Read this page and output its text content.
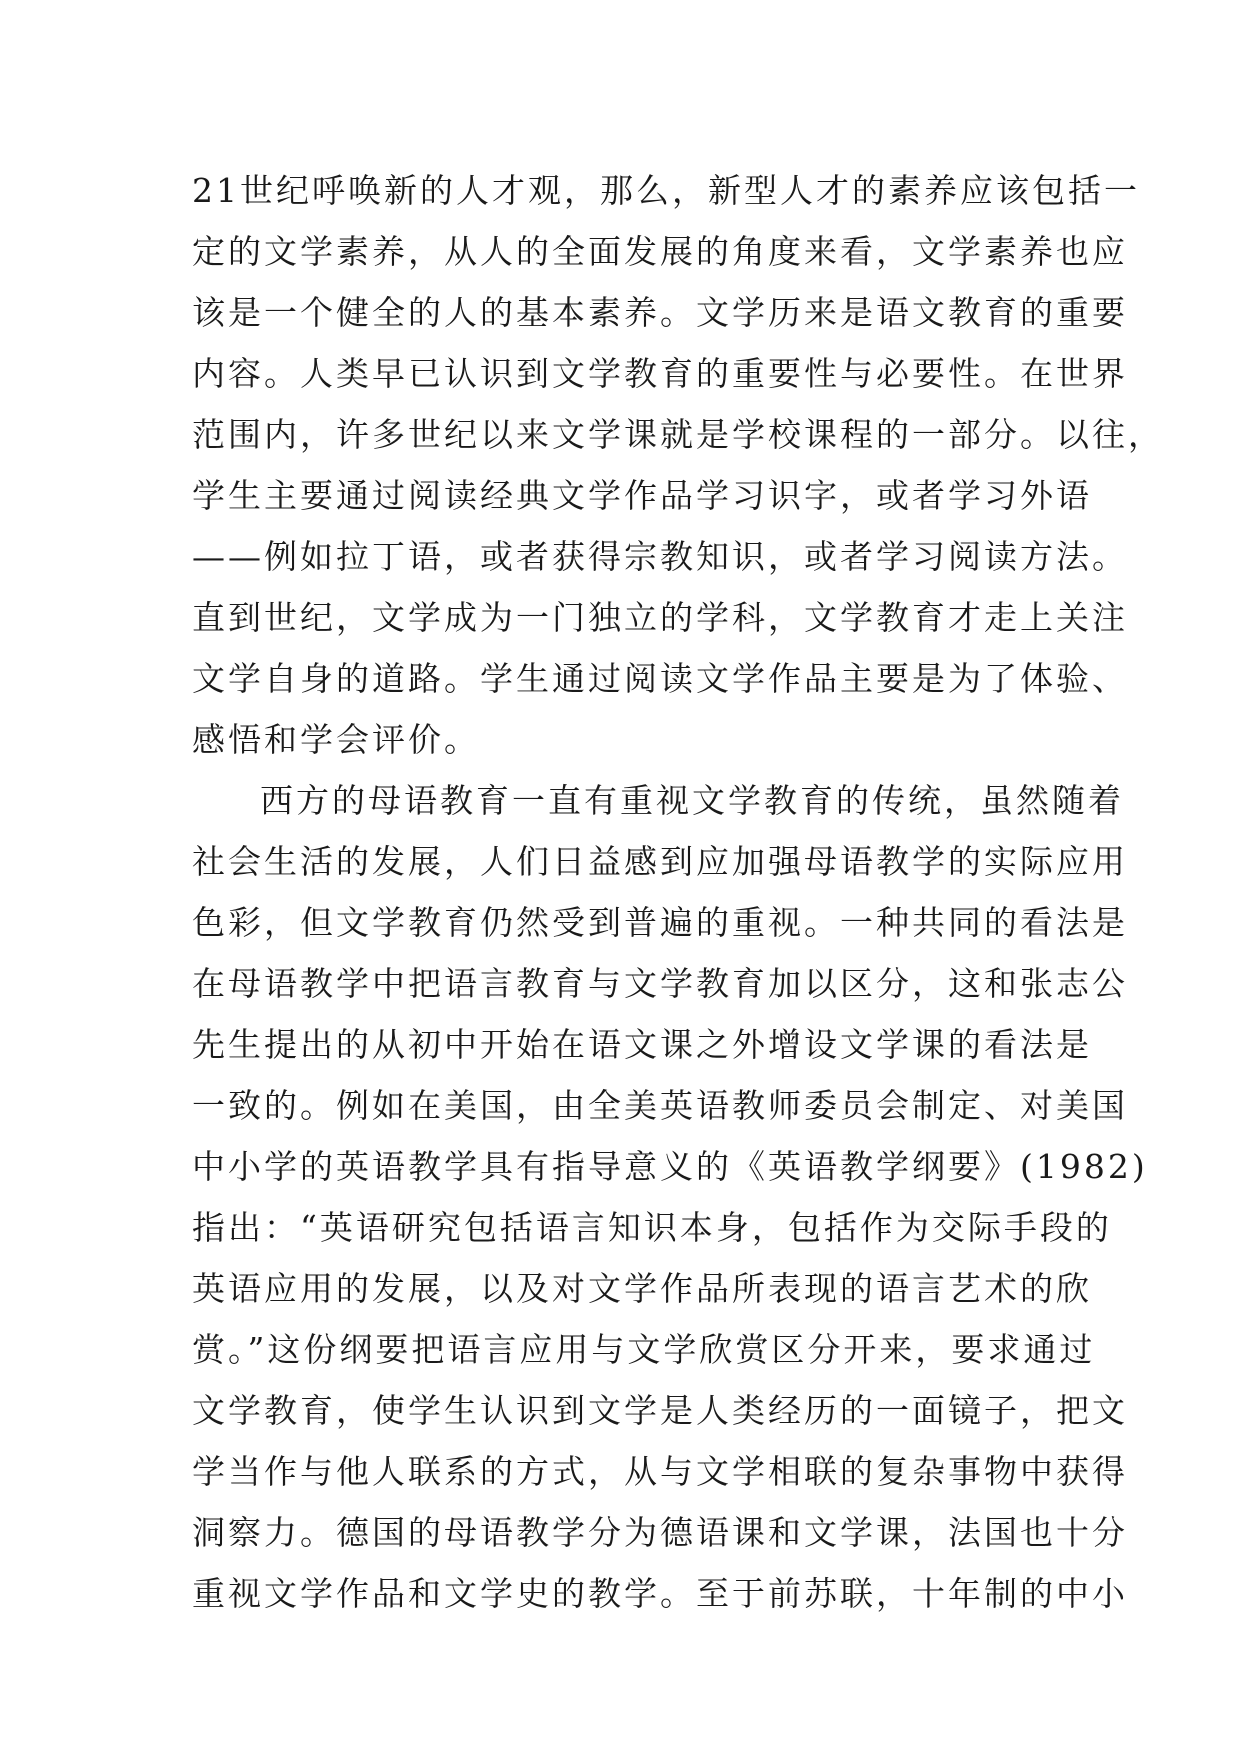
21世纪呼唤新的人才观，那么，新型人才的素养应该包括一
定的文学素养，从人的全面发展的角度来看，文学素养也应
该是一个健全的人的基本素养。文学历来是语文教育的重要
内容。人类早已认识到文学教育的重要性与必要性。在世界
范围内，许多世纪以来文学课就是学校课程的一部分。以往，
学生主要通过阅读经典文学作品学习识字，或者学习外语
——例如拉丁语，或者获得宗教知识，或者学习阅读方法。
直到世纪，文学成为一门独立的学科，文学教育才走上关注
文学自身的道路。学生通过阅读文学作品主要是为了体验、
感悟和学会评价。
西方的母语教育一直有重视文学教育的传统，虽然随着
社会生活的发展，人们日益感到应加强母语教学的实际应用
色彩，但文学教育仍然受到普遍的重视。一种共同的看法是
在母语教学中把语言教育与文学教育加以区分，这和张志公
先生提出的从初中开始在语文课之外增设文学课的看法是
一致的。例如在美国，由全美英语教师委员会制定、对美国
中小学的英语教学具有指导意义的《英语教学纲要》(1982)
指出：“英语研究包括语言知识本身，包括作为交际手段的
英语应用的发展，以及对文学作品所表现的语言艺术的欣
赏。”这份纲要把语言应用与文学欣赏区分开来，要求通过
文学教育，使学生认识到文学是人类经历的一面镜子，把文
学当作与他人联系的方式，从与文学相联的复杂事物中获得
洞察力。德国的母语教学分为德语课和文学课，法国也十分
重视文学作品和文学史的教学。至于前苏联，十年制的中小
